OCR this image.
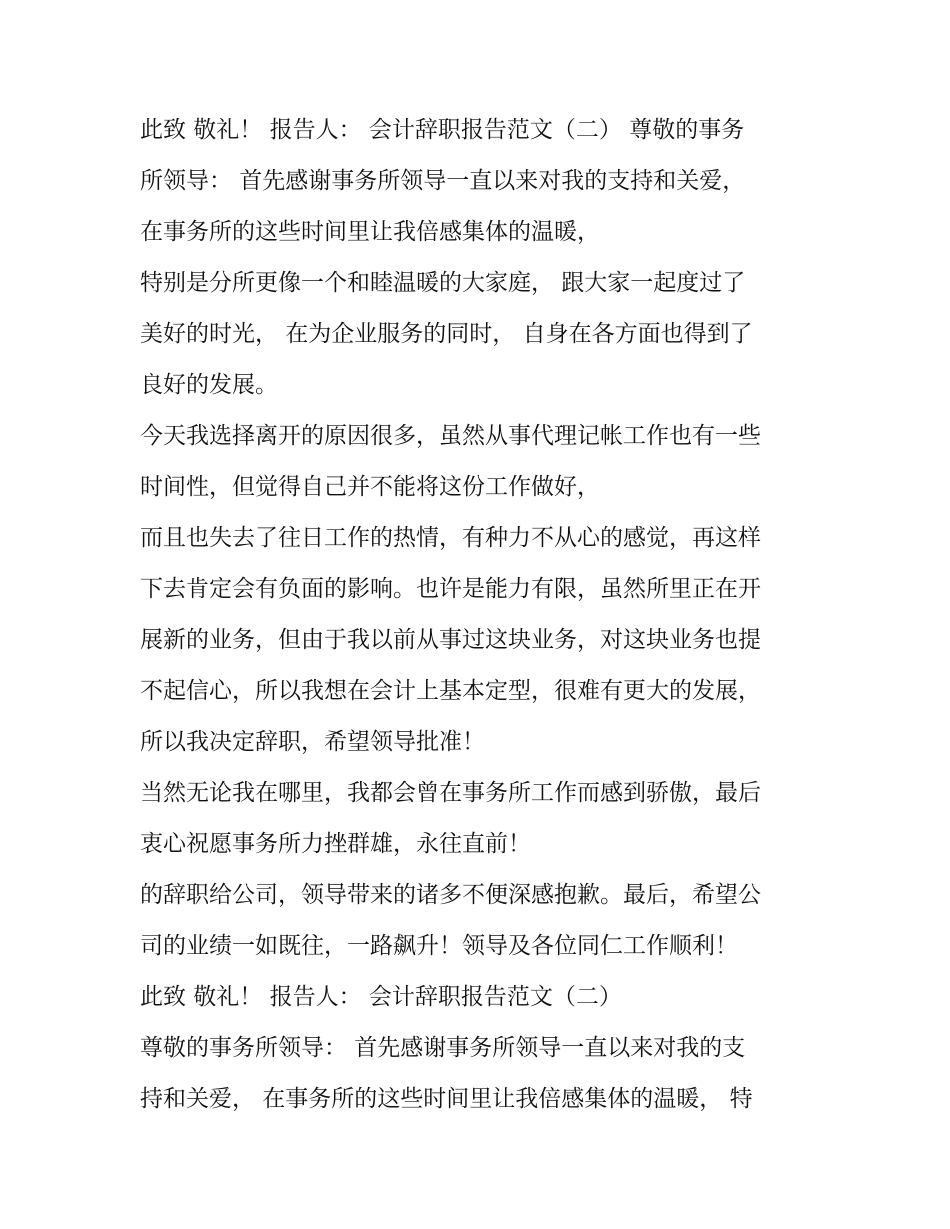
此致 敬礼！ 报告人： 会计辞职报告范文（二） 尊敬的事务
所领导： 首先感谢事务所领导一直以来对我的支持和关爱，
在事务所的这些时间里让我倍感集体的温暖，
特别是分所更像一个和睦温暖的大家庭， 跟大家一起度过了
美好的时光， 在为企业服务的同时， 自身在各方面也得到了
良好的发展。
今天我选择离开的原因很多，虽然从事代理记帐工作也有一些
时间性，但觉得自己并不能将这份工作做好，
而且也失去了往日工作的热情，有种力不从心的感觉，再这样
下去肯定会有负面的影响。也许是能力有限，虽然所里正在开
展新的业务，但由于我以前从事过这块业务，对这块业务也提
不起信心，所以我想在会计上基本定型，很难有更大的发展，
所以我决定辞职，希望领导批准！
当然无论我在哪里，我都会曾在事务所工作而感到骄傲，最后
衷心祝愿事务所力挫群雄，永往直前！
的辞职给公司，领导带来的诸多不便深感抱歉。最后，希望公
司的业绩一如既往，一路飙升！领导及各位同仁工作顺利！
此致 敬礼！ 报告人： 会计辞职报告范文（二）
尊敬的事务所领导： 首先感谢事务所领导一直以来对我的支
持和关爱， 在事务所的这些时间里让我倍感集体的温暖， 特
